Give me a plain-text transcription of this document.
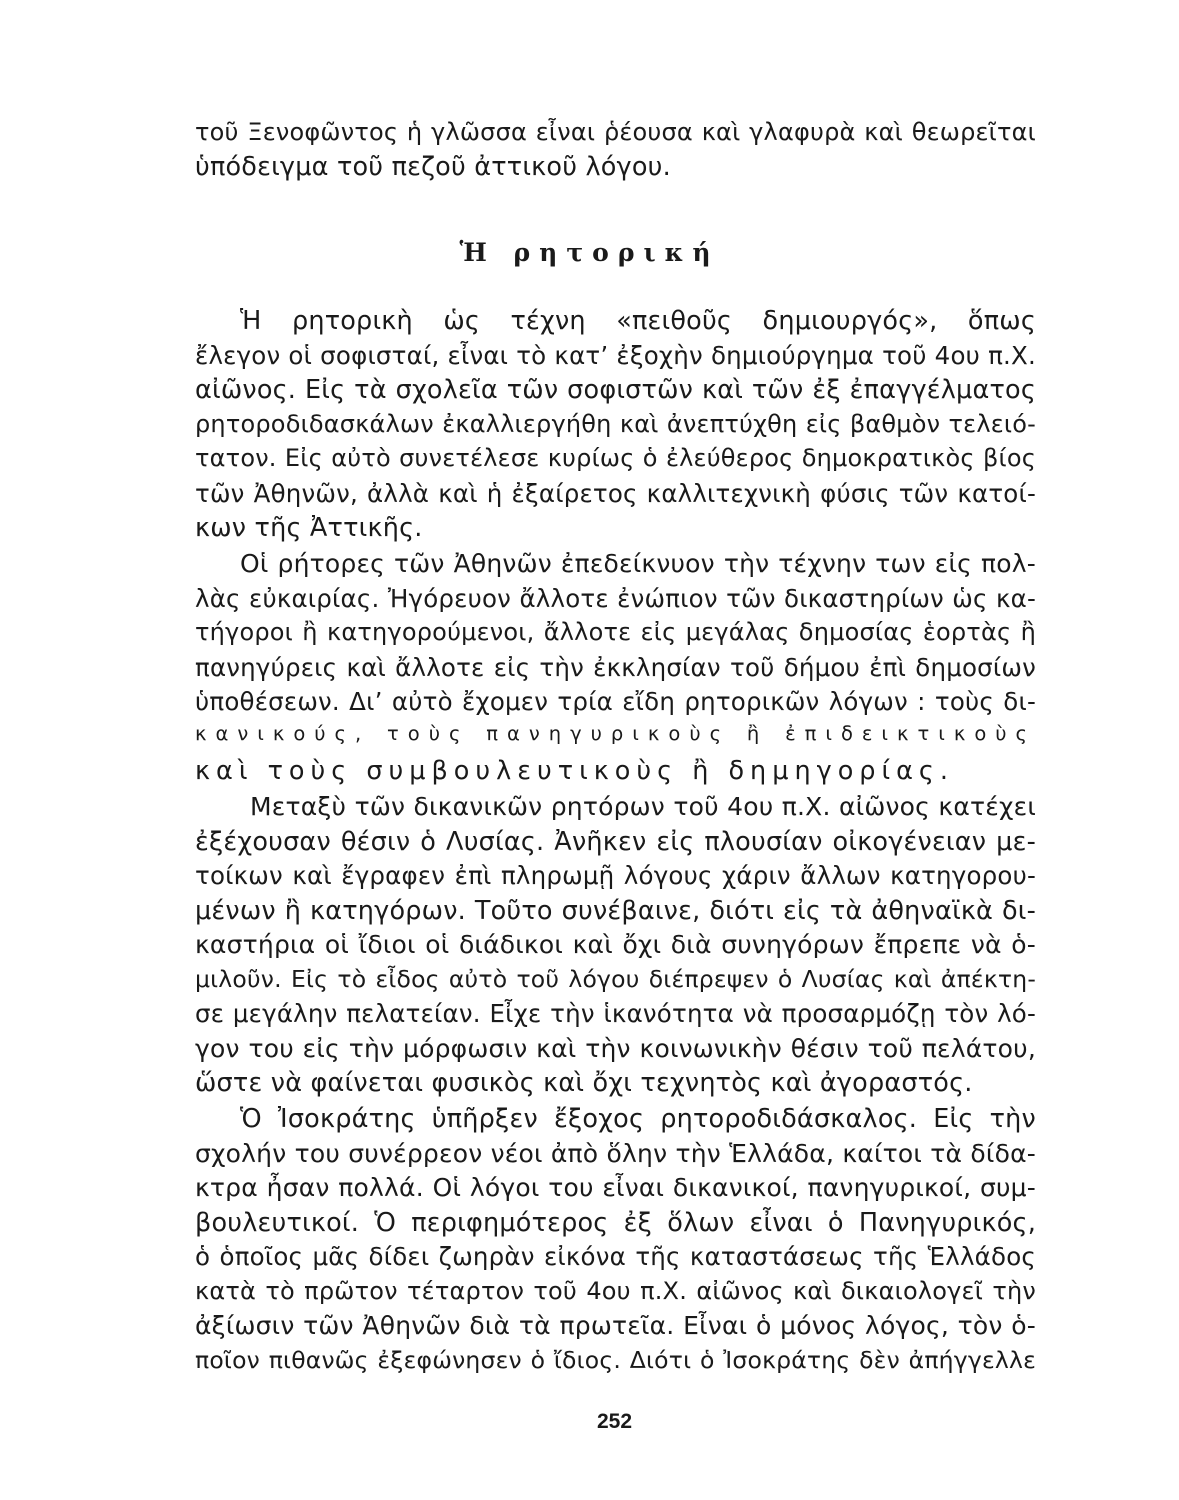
τοῦ Ξενοφῶντος ἡ γλῶσσα εἶναι ῥέουσα καὶ γλαφυρὰ καὶ θεωρεῖται
ὑπόδειγμα τοῦ πεζοῦ ἀττικοῦ λόγου.
Ἡ ρητορική
Ἡ ρητορικὴ ὡς τέχνη «πειθοῦς δημιουργός», ὅπως
ἔλεγον οἱ σοφισταί, εἶναι τὸ κατ’ ἐξοχὴν δημιούργημα τοῦ 4ου π.Χ.
αἰῶνος. Εἰς τὰ σχολεῖα τῶν σοφιστῶν καὶ τῶν ἐξ ἐπαγγέλματος
ρητοροδιδασκάλων ἐκαλλιεργήθη καὶ ἀνεπτύχθη εἰς βαθμὸν τελειό-
τατον. Εἰς αὐτὸ συνετέλεσε κυρίως ὁ ἐλεύθερος δημοκρατικὸς βίος
τῶν Ἀθηνῶν, ἀλλὰ καὶ ἡ ἐξαίρετος καλλιτεχνικὴ φύσις τῶν κατοί-
κων τῆς Ἀττικῆς.
Οἱ ρήτορες τῶν Ἀθηνῶν ἐπεδείκνυον τὴν τέχνην των εἰς πολ-
λὰς εὐκαιρίας. Ἠγόρευον ἄλλοτε ἐνώπιον τῶν δικαστηρίων ὡς κα-
τήγοροι ἢ κατηγορούμενοι, ἄλλοτε εἰς μεγάλας δημοσίας ἑορτὰς ἢ
πανηγύρεις καὶ ἄλλοτε εἰς τὴν ἐκκλησίαν τοῦ δήμου ἐπὶ δημοσίων
ὑποθέσεων. Δι’ αὐτὸ ἔχομεν τρία εἴδη ρητορικῶν λόγων : τοὺς δι-
κανικούς, τοὺς πανηγυρικοὺς ἢ ἐπιδεικτικοὺς
καὶ τοὺς συμβουλευτικοὺς ἢ δημηγορίας.
Μεταξὺ τῶν δικανικῶν ρητόρων τοῦ 4ου π.Χ. αἰῶνος κατέχει
ἐξέχουσαν θέσιν ὁ Λυσίας. Ἀνῆκεν εἰς πλουσίαν οἰκογένειαν με-
τοίκων καὶ ἔγραφεν ἐπὶ πληρωμῇ λόγους χάριν ἄλλων κατηγορου-
μένων ἢ κατηγόρων. Τοῦτο συνέβαινε, διότι εἰς τὰ ἀθηναϊκὰ δι-
καστήρια οἱ ἴδιοι οἱ διάδικοι καὶ ὄχι διὰ συνηγόρων ἔπρεπε νὰ ὁ-
μιλοῦν. Εἰς τὸ εἶδος αὐτὸ τοῦ λόγου διέπρεψεν ὁ Λυσίας καὶ ἀπέκτη-
σε μεγάλην πελατείαν. Εἶχε τὴν ἱκανότητα νὰ προσαρμόζῃ τὸν λό-
γον του εἰς τὴν μόρφωσιν καὶ τὴν κοινωνικὴν θέσιν τοῦ πελάτου,
ὥστε νὰ φαίνεται φυσικὸς καὶ ὄχι τεχνητὸς καὶ ἀγοραστός.
Ὁ Ἰσοκράτης ὑπῆρξεν ἔξοχος ρητοροδιδάσκαλος. Εἰς τὴν
σχολήν του συνέρρεον νέοι ἀπὸ ὅλην τὴν Ἑλλάδα, καίτοι τὰ δίδα-
κτρα ἦσαν πολλά. Οἱ λόγοι του εἶναι δικανικοί, πανηγυρικοί, συμ-
βουλευτικοί. Ὁ περιφημότερος ἐξ ὅλων εἶναι ὁ Πανηγυρικός,
ὁ ὁποῖος μᾶς δίδει ζωηρὰν εἰκόνα τῆς καταστάσεως τῆς Ἑλλάδος
κατὰ τὸ πρῶτον τέταρτον τοῦ 4ου π.Χ. αἰῶνος καὶ δικαιολογεῖ τὴν
ἀξίωσιν τῶν Ἀθηνῶν διὰ τὰ πρωτεῖα. Εἶναι ὁ μόνος λόγος, τὸν ὁ-
ποῖον πιθανῶς ἐξεφώνησεν ὁ ἴδιος. Διότι ὁ Ἰσοκράτης δὲν ἀπήγγελλε
252
